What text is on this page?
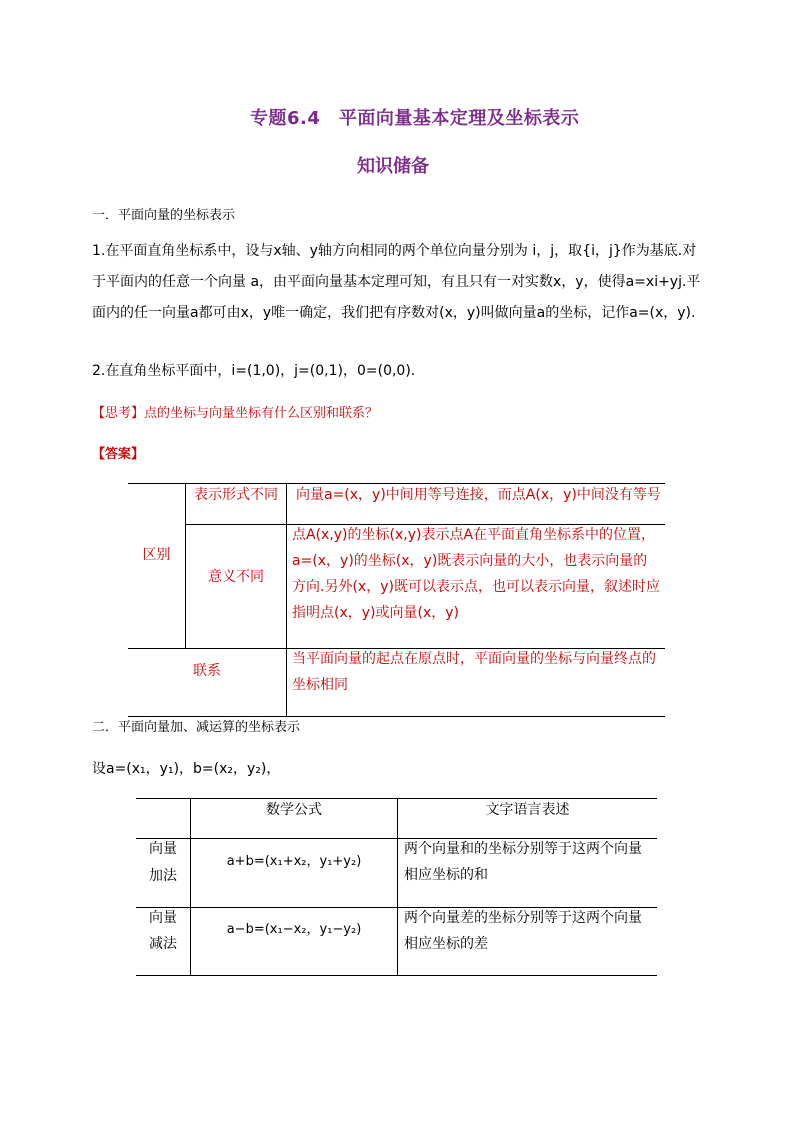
专题6.4　平面向量基本定理及坐标表示
知识储备
一．平面向量的坐标表示
1.在平面直角坐标系中，设与x轴、y轴方向相同的两个单位向量分别为 i，j，取{i，j}作为基底.对于平面内的任意一个向量 a，由平面向量基本定理可知，有且只有一对实数x，y，使得a=xi+yj.平面内的任一向量a都可由x，y唯一确定，我们把有序数对(x，y)叫做向量a的坐标，记作a=(x，y).
2.在直角坐标平面中，i=(1,0)，j=(0,1)，0=(0,0).
【思考】点的坐标与向量坐标有什么区别和联系？
【答案】
区别
表示形式不同	向量a=(x，y)中间用等号连接，而点A(x，y)中间没有等号
意义不同
点A(x,y)的坐标(x,y)表示点A在平面直角坐标系中的位置，a=(x，y)的坐标(x，y)既表示向量的大小，也表示向量的方向.另外(x，y)既可以表示点，也可以表示向量，叙述时应指明点(x，y)或向量(x，y)
联系
当平面向量的起点在原点时，平面向量的坐标与向量终点的坐标相同
二．平面向量加、减运算的坐标表示
设a=(x₁，y₁)，b=(x₂，y₂)，
数学公式	文字语言表述
向量
加法
a+b=(x₁+x₂，y₁+y₂)
两个向量和的坐标分别等于这两个向量相应坐标的和
向量
减法
a−b=(x₁−x₂，y₁−y₂)
两个向量差的坐标分别等于这两个向量相应坐标的差
